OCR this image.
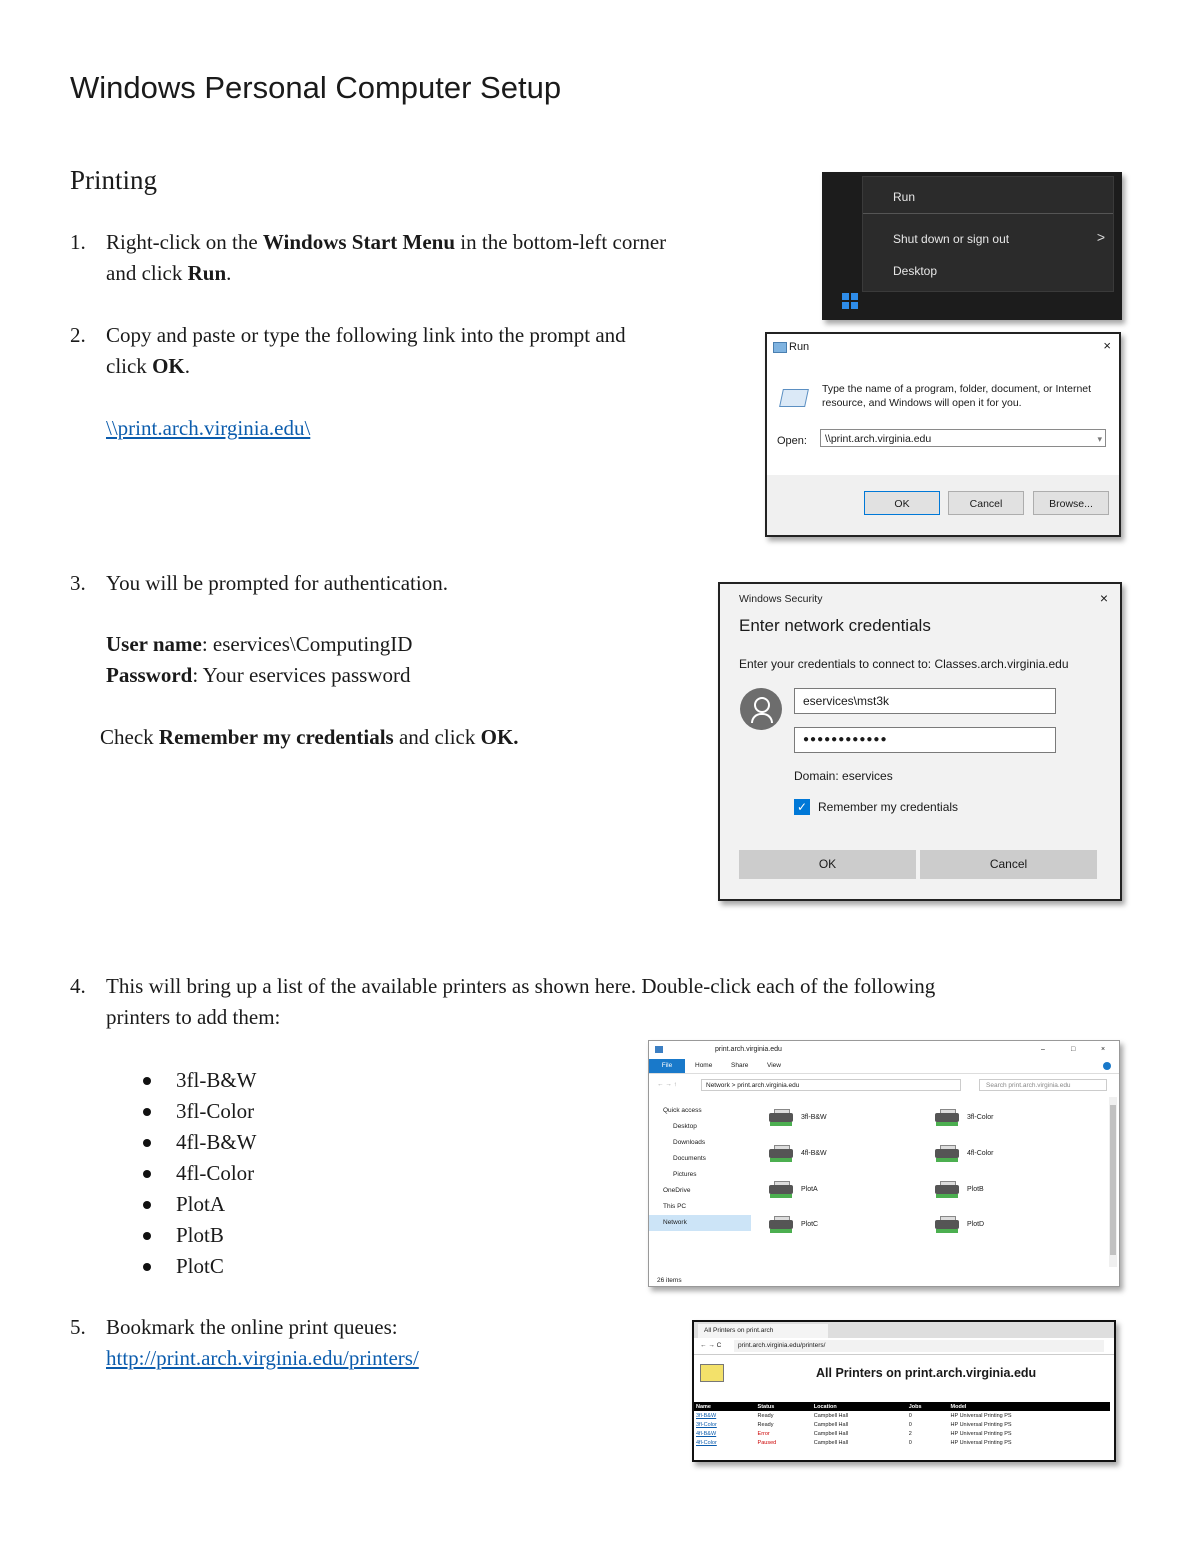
Windows Personal Computer Setup
Printing
1. Right-click on the Windows Start Menu in the bottom-left corner
and click Run.
2. Copy and paste or type the following link into the prompt and
click OK.
\\print.arch.virginia.edu\
3. You will be prompted for authentication.
User name: eservices\ComputingID
Password: Your eservices password
Check Remember my credentials and click OK.
4. This will bring up a list of the available printers as shown here. Double-click each of the following
printers to add them:
3fl-B&W
3fl-Color
4fl-B&W
4fl-Color
PlotA
PlotB
PlotC
5. Bookmark the online print queues:
http://print.arch.virginia.edu/printers/
Run
Shut down or sign out	>
Desktop
Run	×
Type the name of a program, folder, document, or Internet resource, and Windows will open it for you.
Open:	\\print.arch.virginia.edu	▾
OK	Cancel	Browse...
Windows Security	×
Enter network credentials
Enter your credentials to connect to: Classes.arch.virginia.edu
eservices\mst3k
●●●●●●●●●●●●
Domain: eservices
✓ Remember my credentials
OK	Cancel
print.arch.virginia.edu	–	□	×
File	Home	Share	View
← → ↑	Network > print.arch.virginia.edu	Search print.arch.virginia.edu
Quick access
Desktop
Downloads
Documents
Pictures
OneDrive
This PC
Network
3fl-B&W	3fl-Color
4fl-B&W	4fl-Color
PlotA	PlotB
PlotC	PlotD
26 items
All Printers on print.arch
← → C	print.arch.virginia.edu/printers/
All Printers on print.arch.virginia.edu
Name	Status	Location	Jobs	Model
3fl-B&W	Ready	Campbell Hall	0	HP Universal Printing PS
3fl-Color	Ready	Campbell Hall	0	HP Universal Printing PS
4fl-B&W	Error	Campbell Hall	2	HP Universal Printing PS
4fl-Color	Paused	Campbell Hall	0	HP Universal Printing PS
